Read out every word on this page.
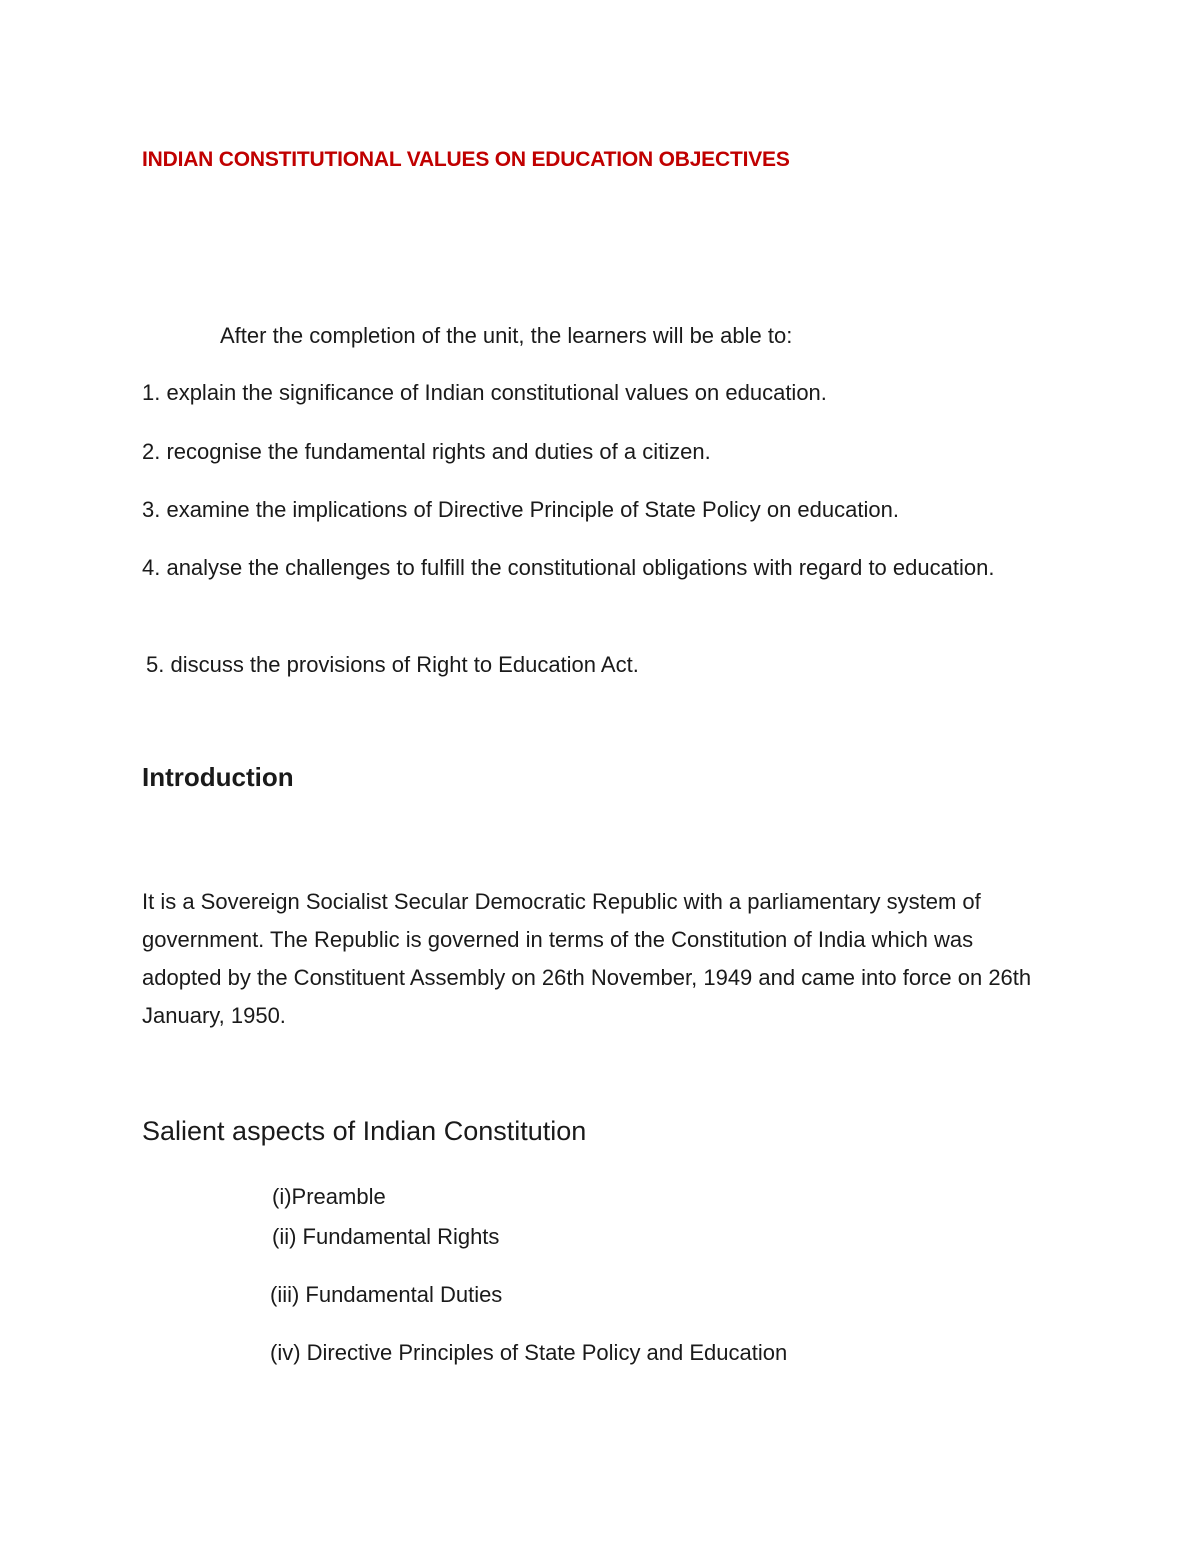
INDIAN CONSTITUTIONAL VALUES ON EDUCATION OBJECTIVES

After the completion of the unit, the learners will be able to:

1. explain the significance of Indian constitutional values on education.

2. recognise the fundamental rights and duties of a citizen.

3. examine the implications of Directive Principle of State Policy on education.

4. analyse the challenges to fulfill the constitutional obligations with regard to education.

5. discuss the provisions of Right to Education Act.

Introduction

It is a Sovereign Socialist Secular Democratic Republic with a parliamentary system of government. The Republic is governed in terms of the Constitution of India which was adopted by the Constituent Assembly on 26th November, 1949 and came into force on 26th January, 1950.

Salient aspects of Indian Constitution

(i)Preamble

(ii) Fundamental Rights

(iii) Fundamental Duties

(iv) Directive Principles of State Policy and Education
